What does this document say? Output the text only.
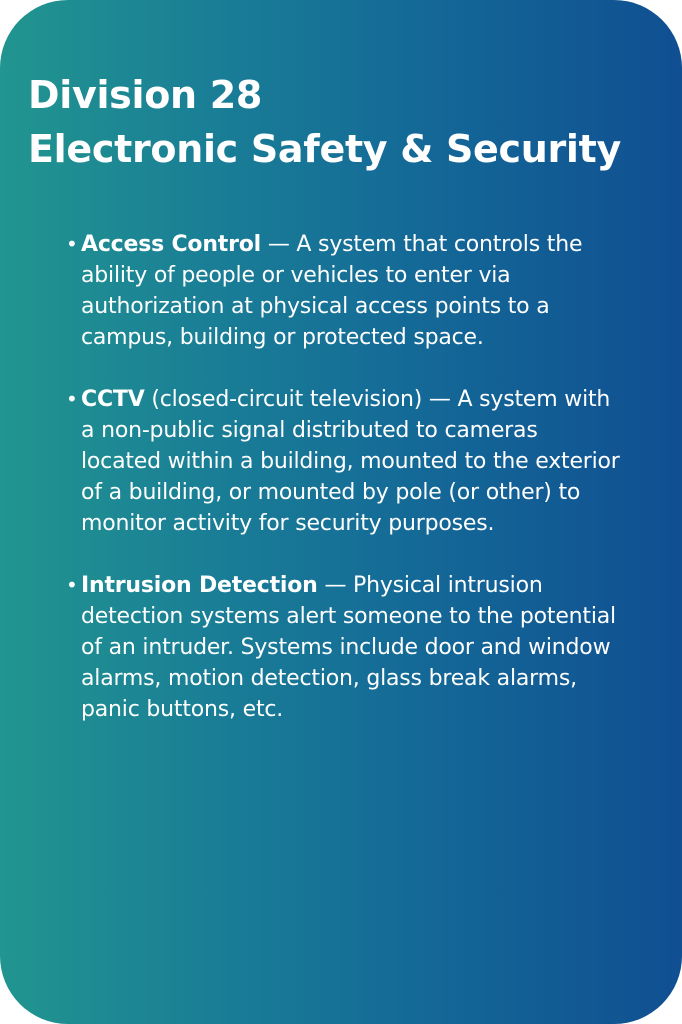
Division 28
Electronic Safety & Security
• Access Control — A system that controls the ability of people or vehicles to enter via authorization at physical access points to a campus, building or protected space.
• CCTV (closed-circuit television) — A system with a non-public signal distributed to cameras located within a building, mounted to the exterior of a building, or mounted by pole (or other) to monitor activity for security purposes.
• Intrusion Detection — Physical intrusion detection systems alert someone to the potential of an intruder. Systems include door and window alarms, motion detection, glass break alarms, panic buttons, etc.
